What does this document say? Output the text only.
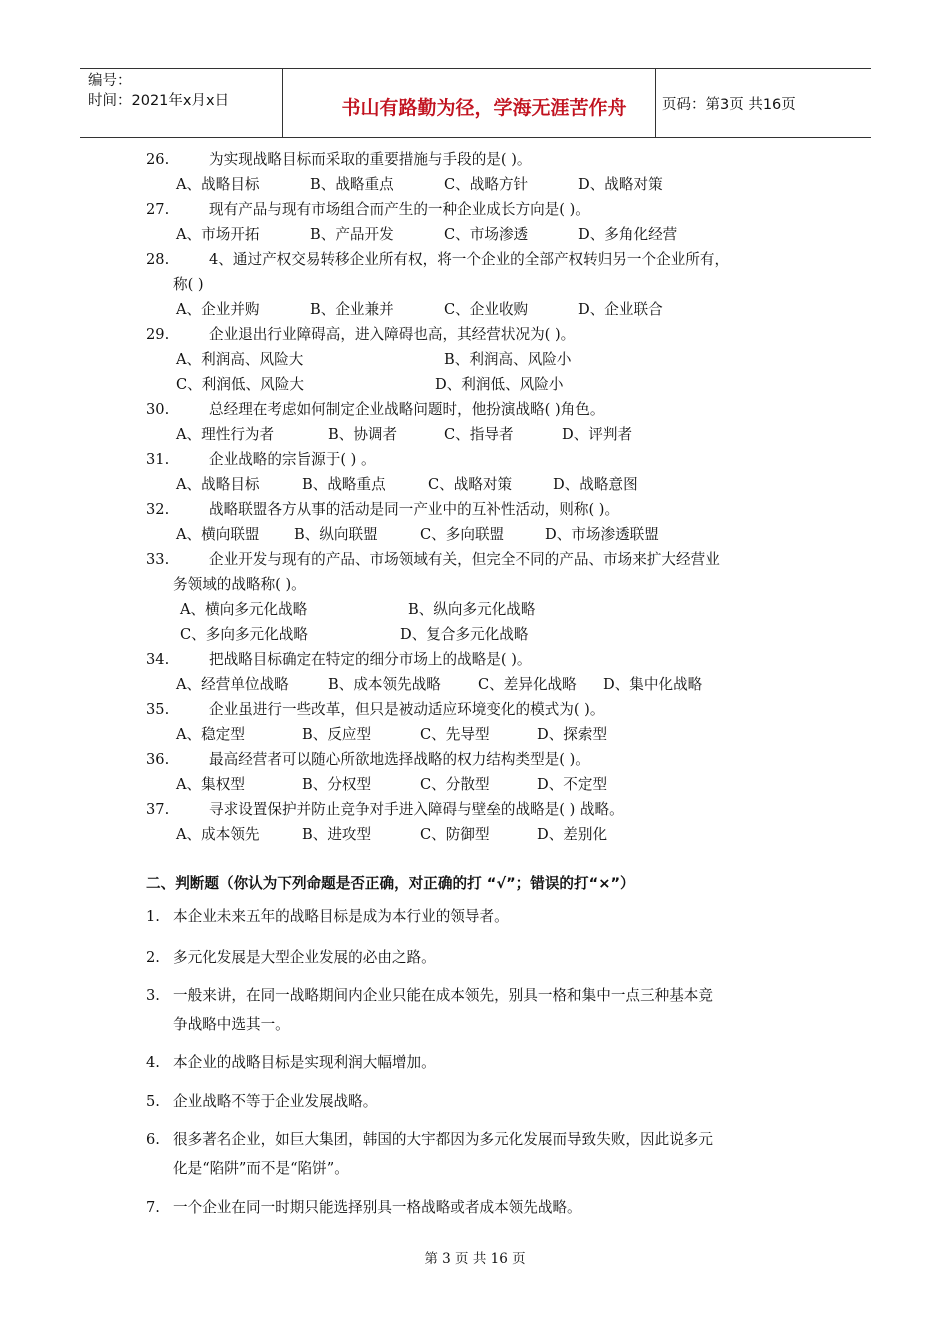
编号：
时间：2021年x月x日	书山有路勤为径，学海无涯苦作舟	页码：第3页 共16页
26.	为实现战略目标而采取的重要措施与手段的是( )。
A、战略目标	B、战略重点	C、战略方针	D、战略对策
27.	现有产品与现有市场组合而产生的一种企业成长方向是( )。
A、市场开拓	B、产品开发	C、市场渗透	D、多角化经营
28.	4、通过产权交易转移企业所有权，将一个企业的全部产权转归另一个企业所有，
称( )
A、企业并购	B、企业兼并	C、企业收购	D、企业联合
29.	企业退出行业障碍高，进入障碍也高，其经营状况为( )。
A、利润高、风险大	B、利润高、风险小
C、利润低、风险大	D、利润低、风险小
30.	总经理在考虑如何制定企业战略问题时，他扮演战略( )角色。
A、理性行为者	B、协调者	C、指导者	D、评判者
31.	企业战略的宗旨源于( ) 。
A、战略目标	B、战略重点	C、战略对策	D、战略意图
32.	战略联盟各方从事的活动是同一产业中的互补性活动，则称( )。
A、横向联盟 B、纵向联盟	C、多向联盟	D、市场渗透联盟
33.	企业开发与现有的产品、市场领域有关，但完全不同的产品、市场来扩大经营业
务领域的战略称( )。
A、横向多元化战略	B、纵向多元化战略
C、多向多元化战略	D、复合多元化战略
34.	把战略目标确定在特定的细分市场上的战略是( )。
A、经营单位战略	B、成本领先战略	C、差异化战略 D、集中化战略
35.	企业虽进行一些改革，但只是被动适应环境变化的模式为( )。
A、稳定型	B、反应型	C、先导型	D、探索型
36.	最高经营者可以随心所欲地选择战略的权力结构类型是( )。
A、集权型	B、分权型	C、分散型	D、不定型
37.	寻求设置保护并防止竞争对手进入障碍与壁垒的战略是( ) 战略。
A、成本领先	B、进攻型	C、防御型	D、差别化
二、判断题（你认为下列命题是否正确，对正确的打 “√”；错误的打“×”）
1. 本企业未来五年的战略目标是成为本行业的领导者。
2. 多元化发展是大型企业发展的必由之路。
3. 一般来讲，在同一战略期间内企业只能在成本领先，别具一格和集中一点三种基本竞
争战略中选其一。
4. 本企业的战略目标是实现利润大幅增加。
5. 企业战略不等于企业发展战略。
6. 很多著名企业，如巨大集团，韩国的大宇都因为多元化发展而导致失败，因此说多元
化是“陷阱”而不是“陷饼”。
7. 一个企业在同一时期只能选择别具一格战略或者成本领先战略。
第 3 页 共 16 页
